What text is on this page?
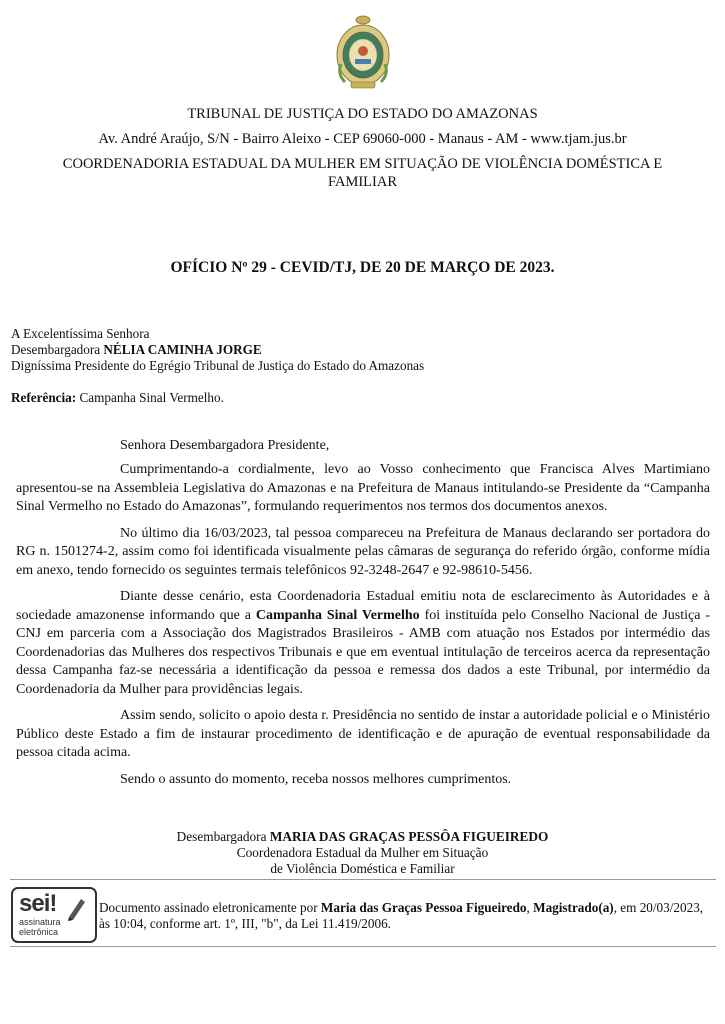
TRIBUNAL DE JUSTIÇA DO ESTADO DO AMAZONAS
Av. André Araújo, S/N - Bairro Aleixo - CEP 69060-000 - Manaus - AM - www.tjam.jus.br
COORDENADORIA ESTADUAL DA MULHER EM SITUAÇÃO DE VIOLÊNCIA DOMÉSTICA E FAMILIAR
OFÍCIO Nº 29 - CEVID/TJ, DE 20 DE MARÇO DE 2023.
A Excelentíssima Senhora
Desembargadora NÉLIA CAMINHA JORGE
Digníssima Presidente do Egrégio Tribunal de Justiça do Estado do Amazonas
Referência: Campanha Sinal Vermelho.
Senhora Desembargadora Presidente,

Cumprimentando-a cordialmente, levo ao Vosso conhecimento que Francisca Alves Martimiano apresentou-se na Assembleia Legislativa do Amazonas e na Prefeitura de Manaus intitulando-se Presidente da “Campanha Sinal Vermelho no Estado do Amazonas”, formulando requerimentos nos termos dos documentos anexos.

No último dia 16/03/2023, tal pessoa compareceu na Prefeitura de Manaus declarando ser portadora do RG n. 1501274-2, assim como foi identificada visualmente pelas câmaras de segurança do referido órgão, conforme mídia em anexo, tendo fornecido os seguintes termais telefônicos 92-3248-2647 e 92-98610-5456.

Diante desse cenário, esta Coordenadoria Estadual emitiu nota de esclarecimento às Autoridades e à sociedade amazonense informando que a Campanha Sinal Vermelho foi instituída pelo Conselho Nacional de Justiça - CNJ em parceria com a Associação dos Magistrados Brasileiros - AMB com atuação nos Estados por intermédio das Coordenadorias das Mulheres dos respectivos Tribunais e que em eventual intitulação de terceiros acerca da representação dessa Campanha faz-se necessária a identificação da pessoa e remessa dos dados a este Tribunal, por intermédio da Coordenadoria da Mulher para providências legais.

Assim sendo, solicito o apoio desta r. Presidência no sentido de instar a autoridade policial e o Ministério Público deste Estado a fim de instaurar procedimento de identificação e de apuração de eventual responsabilidade da pessoa citada acima.

Sendo o assunto do momento, receba nossos melhores cumprimentos.

Desembargadora MARIA DAS GRAÇAS PESSÔA FIGUEIREDO
Coordenadora Estadual da Mulher em Situação
de Violência Doméstica e Familiar
sei!
assinatura
eletrônica
Documento assinado eletronicamente por Maria das Graças Pessoa Figueiredo, Magistrado(a), em 20/03/2023, às 10:04, conforme art. 1º, III, "b", da Lei 11.419/2006.
